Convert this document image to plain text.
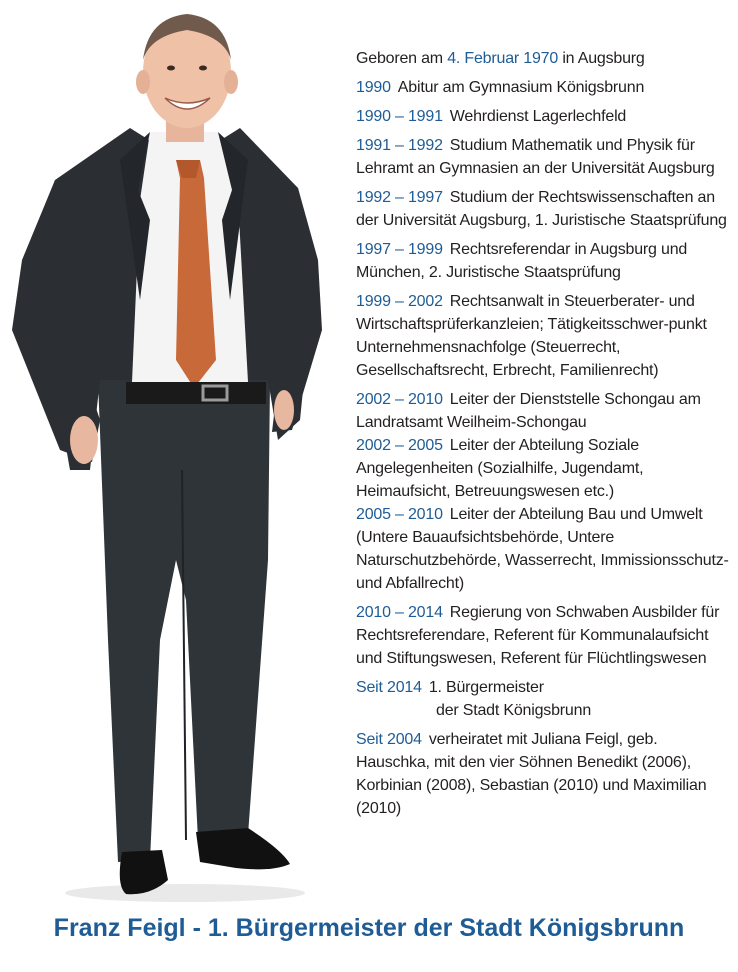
Geboren am 4. Februar 1970 in Augsburg
1990 Abitur am Gymnasium Königsbrunn
1990 – 1991 Wehrdienst Lagerlechfeld
1991 – 1992 Studium Mathematik und Physik für Lehramt an Gymnasien an der Universität Augsburg
1992 – 1997 Studium der Rechtswissenschaften an der Universität Augsburg, 1. Juristische Staatsprüfung
1997 – 1999 Rechtsreferendar in Augsburg und München, 2. Juristische Staatsprüfung
1999 – 2002 Rechtsanwalt in Steuerberater- und Wirtschaftsprüferkanzleien; Tätigkeitsschwer-punkt Unternehmensnachfolge (Steuerrecht, Gesellschaftsrecht, Erbrecht, Familienrecht)
2002 – 2010 Leiter der Dienststelle Schongau am Landratsamt Weilheim-Schongau
2002 – 2005 Leiter der Abteilung Soziale Angelegenheiten (Sozialhilfe, Jugendamt, Heimaufsicht, Betreuungswesen etc.)
2005 – 2010 Leiter der Abteilung Bau und Umwelt (Untere Bauaufsichtsbehörde, Untere Naturschutzbehörde, Wasserrecht, Immissionsschutz- und Abfallrecht)
2010 – 2014 Regierung von Schwaben Ausbilder für Rechtsreferendare, Referent für Kommunalaufsicht und Stiftungswesen, Referent für Flüchtlingswesen
Seit 2014 1. Bürgermeister
der Stadt Königsbrunn
Seit 2004 verheiratet mit Juliana Feigl, geb. Hauschka, mit den vier Söhnen Benedikt (2006), Korbinian (2008), Sebastian (2010) und Maximilian (2010)
Franz Feigl - 1. Bürgermeister der Stadt Königsbrunn
